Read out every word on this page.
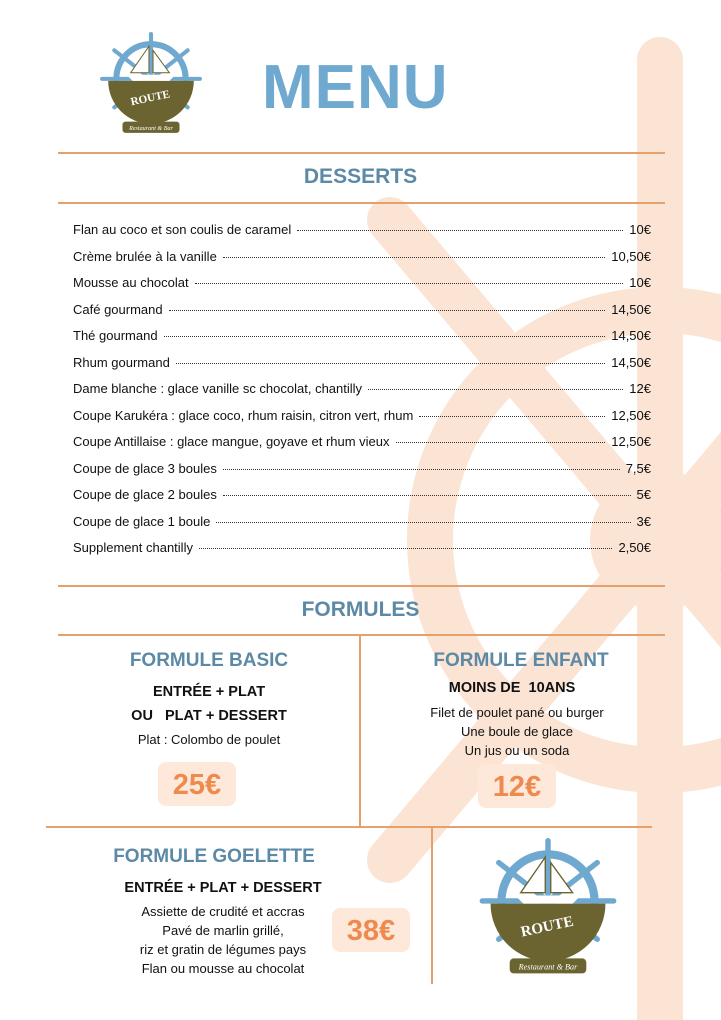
ROUTE
Restaurant & Bar
MENU
DESSERTS
Flan au coco et son coulis de caramel	10€
Crème brulée à la vanille	10,50€
Mousse au chocolat	10€
Café gourmand	14,50€
Thé gourmand	14,50€
Rhum gourmand	14,50€
Dame blanche : glace vanille sc chocolat, chantilly	12€
Coupe Karukéra : glace coco, rhum raisin, citron vert, rhum	12,50€
Coupe Antillaise : glace mangue, goyave et rhum vieux	12,50€
Coupe de glace 3 boules	7,5€
Coupe de glace 2 boules	5€
Coupe de glace 1 boule	3€
Supplement chantilly	2,50€
FORMULES
FORMULE BASIC
ENTRÉE + PLAT
OU   PLAT + DESSERT
Plat : Colombo de poulet
25€
FORMULE ENFANT
MOINS DE  10ANS
Filet de poulet pané ou burger
Une boule de glace
Un jus ou un soda
12€
FORMULE GOELETTE
ENTRÉE + PLAT + DESSERT
Assiette de crudité et accras
Pavé de marlin grillé,
riz et gratin de légumes pays
Flan ou mousse au chocolat
38€	ROUTE
Restaurant & Bar
